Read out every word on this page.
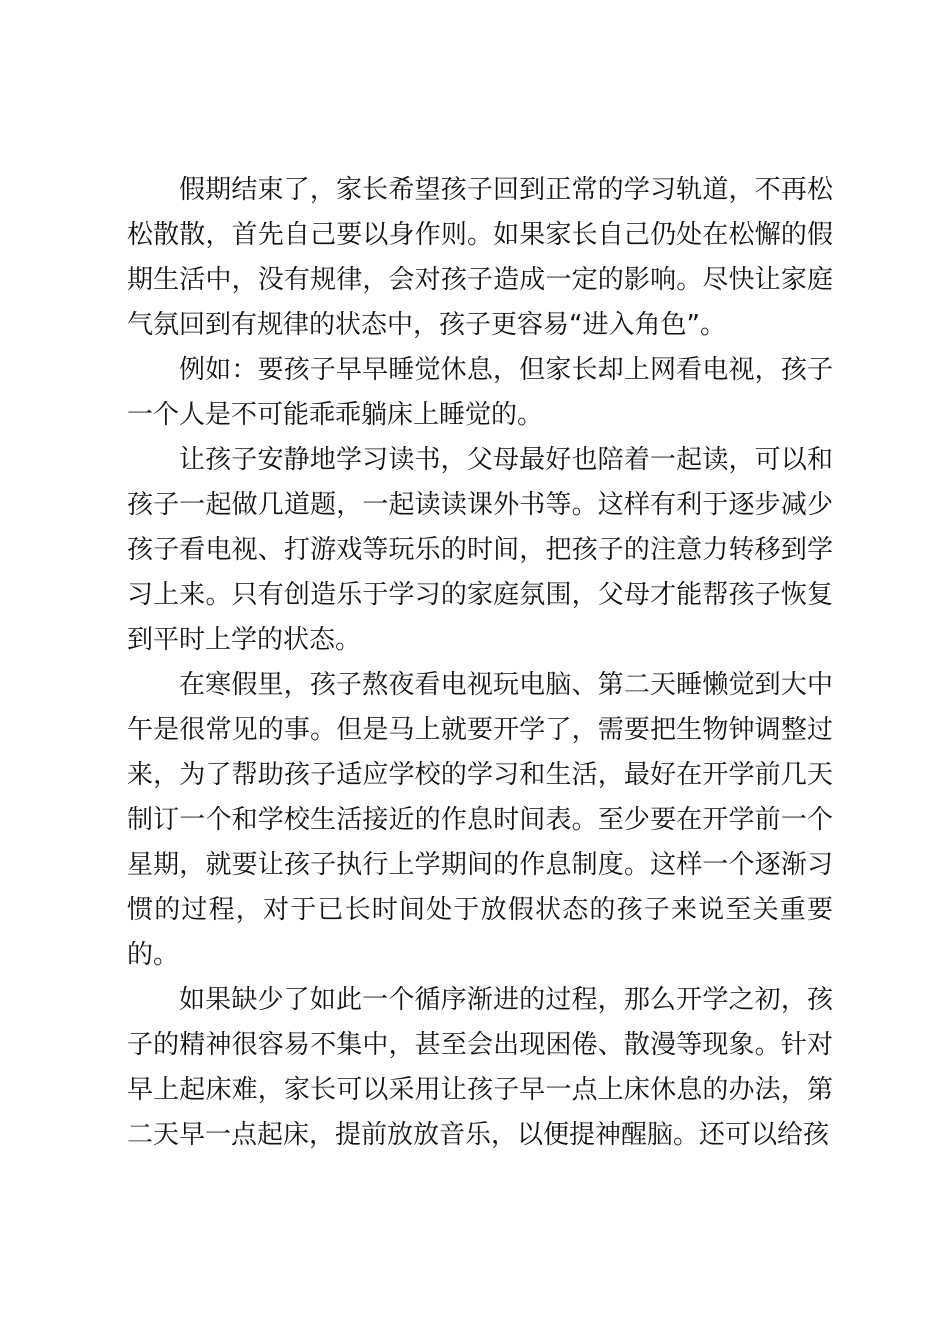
假期结束了，家长希望孩子回到正常的学习轨道，不再松松散散，首先自己要以身作则。如果家长自己仍处在松懈的假期生活中，没有规律，会对孩子造成一定的影响。尽快让家庭气氛回到有规律的状态中，孩子更容易“进入角色”。

例如：要孩子早早睡觉休息，但家长却上网看电视，孩子一个人是不可能乖乖躺床上睡觉的。

让孩子安静地学习读书，父母最好也陪着一起读，可以和孩子一起做几道题，一起读读课外书等。这样有利于逐步减少孩子看电视、打游戏等玩乐的时间，把孩子的注意力转移到学习上来。只有创造乐于学习的家庭氛围，父母才能帮孩子恢复到平时上学的状态。

在寒假里，孩子熬夜看电视玩电脑、第二天睡懒觉到大中午是很常见的事。但是马上就要开学了，需要把生物钟调整过来，为了帮助孩子适应学校的学习和生活，最好在开学前几天制订一个和学校生活接近的作息时间表。至少要在开学前一个星期，就要让孩子执行上学期间的作息制度。这样一个逐渐习惯的过程，对于已长时间处于放假状态的孩子来说至关重要的。

如果缺少了如此一个循序渐进的过程，那么开学之初，孩子的精神很容易不集中，甚至会出现困倦、散漫等现象。针对早上起床难，家长可以采用让孩子早一点上床休息的办法，第二天早一点起床，提前放放音乐，以便提神醒脑。还可以给孩
